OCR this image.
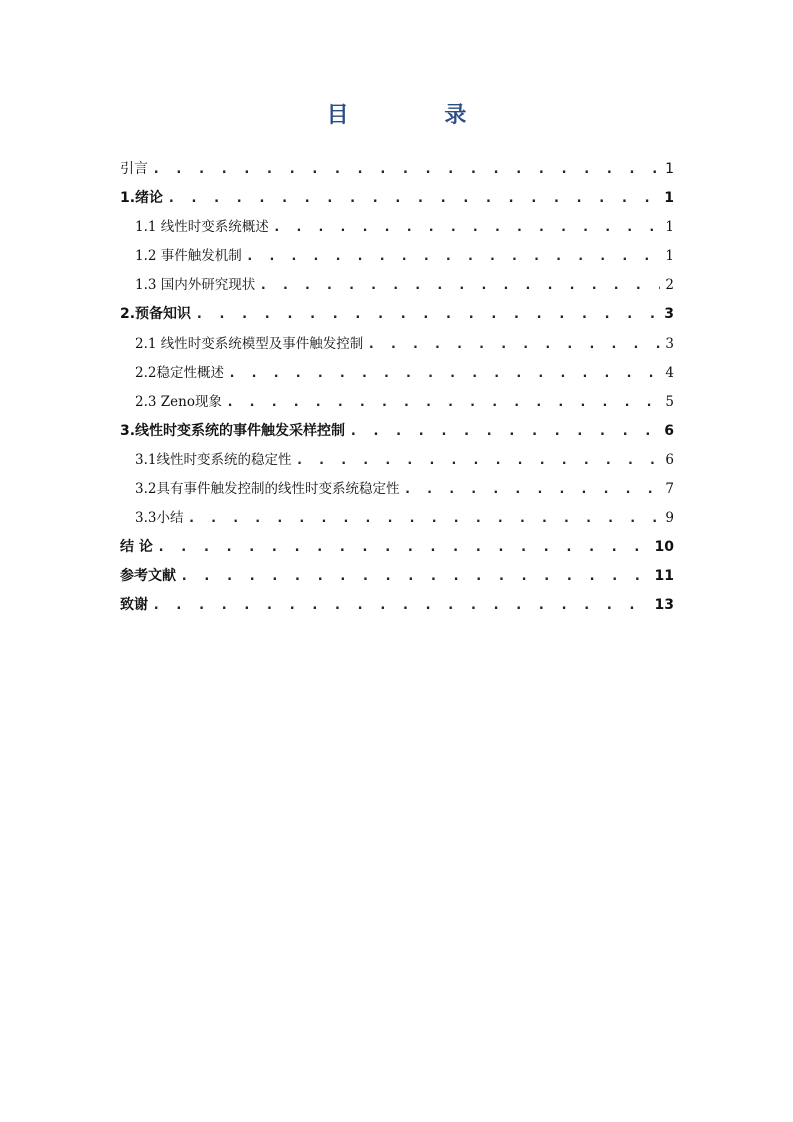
目 录
引言 . . .	1
1.绪论 . . .	1
1.1 线性时变系统概述 . . .	1
1.2 事件触发机制 . . .	1
1.3 国内外研究现状 . . .	2
2.预备知识 . . .	3
2.1 线性时变系统模型及事件触发控制 . . .	3
2.2稳定性概述 . . .	4
2.3 Zeno现象 . . .	5
3.线性时变系统的事件触发采样控制 . . .	6
3.1线性时变系统的稳定性 . . .	6
3.2具有事件触发控制的线性时变系统稳定性 . . .	7
3.3小结 . . .	9
结 论 . . .	10
参考文献 . . .	11
致谢 . . .	13
